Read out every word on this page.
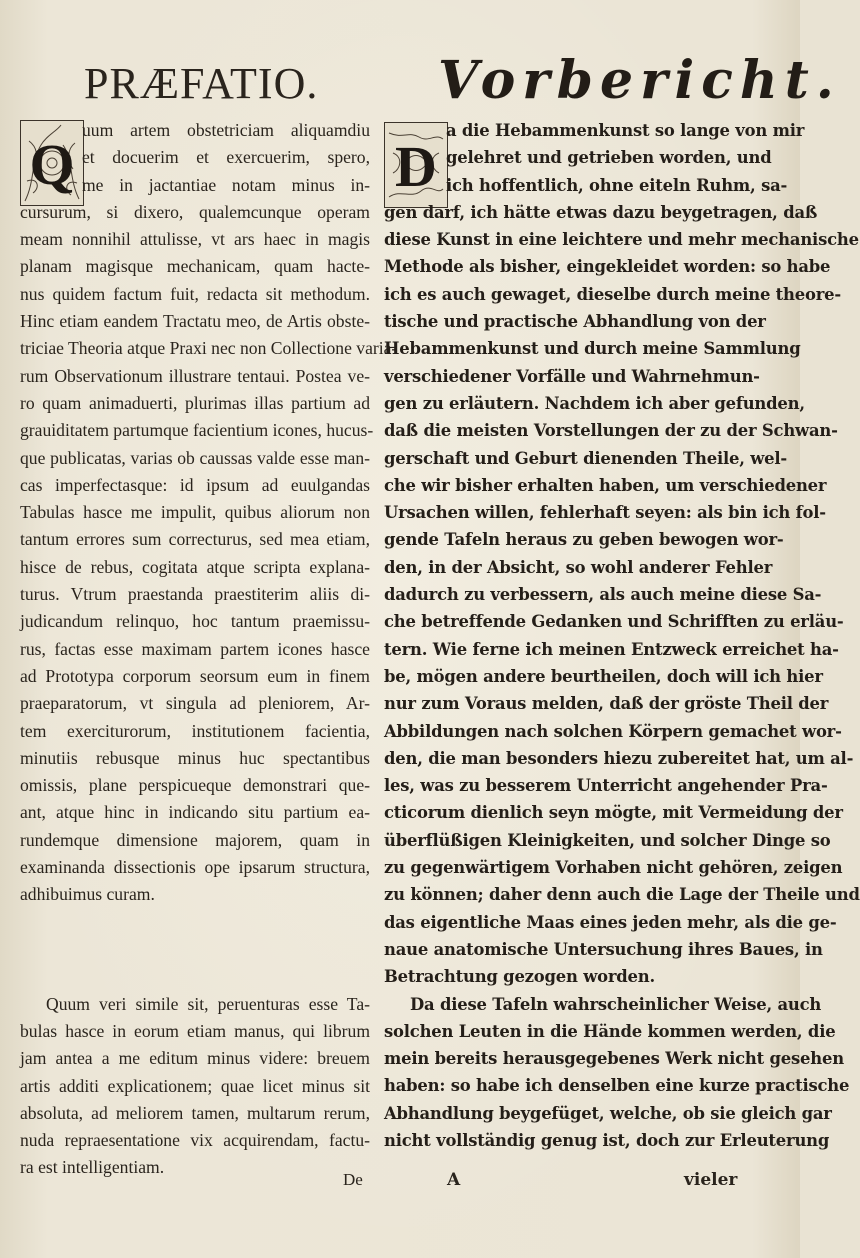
PRÆFATIO. Vorbericht.
Q	D
uum artem obstetriciam aliquamdiu
et docuerim et exercuerim, spero,
me in jactantiae notam minus in-
cursurum, si dixero, qualemcunque operam
meam nonnihil attulisse, vt ars haec in magis
planam magisque mechanicam, quam hacte-
nus quidem factum fuit, redacta sit methodum.
Hinc etiam eandem Tractatu meo, de Artis obste-
triciae Theoria atque Praxi nec non Collectione varia-
rum Observationum illustrare tentaui. Postea ve-
ro quam animaduerti, plurimas illas partium ad
grauiditatem partumque facientium icones, hucus-
que publicatas, varias ob caussas valde esse man-
cas imperfectasque: id ipsum ad euulgandas
Tabulas hasce me impulit, quibus aliorum non
tantum errores sum correcturus, sed mea etiam,
hisce de rebus, cogitata atque scripta explana-
turus. Vtrum praestanda praestiterim aliis di-
judicandum relinquo, hoc tantum praemissu-
rus, factas esse maximam partem icones hasce
ad Prototypa corporum seorsum eum in finem
praeparatorum, vt singula ad pleniorem, Ar-
tem exerciturorum, institutionem facientia,
minutiis rebusque minus huc spectantibus
omissis, plane perspicueque demonstrari que-
ant, atque hinc in indicando situ partium ea-
rundemque dimensione majorem, quam in
examinanda dissectionis ope ipsarum structura,
adhibuimus curam.
Quum veri simile sit, peruenturas esse Ta-
bulas hasce in eorum etiam manus, qui librum
jam antea a me editum minus videre: breuem
artis additi explicationem; quae licet minus sit
absoluta, ad meliorem tamen, multarum rerum,
nuda repraesentatione vix acquirendam, factu-
ra est intelligentiam.
a die Hebammenkunst so lange von mir
gelehret und getrieben worden, und
ich hoffentlich, ohne eiteln Ruhm, sa-
gen darf, ich hätte etwas dazu beygetragen, daß
diese Kunst in eine leichtere und mehr mechanische
Methode als bisher, eingekleidet worden: so habe
ich es auch gewaget, dieselbe durch meine theore-
tische und practische Abhandlung von der
Hebammenkunst und durch meine Sammlung
verschiedener Vorfälle und Wahrnehmun-
gen zu erläutern. Nachdem ich aber gefunden,
daß die meisten Vorstellungen der zu der Schwan-
gerschaft und Geburt dienenden Theile, wel-
che wir bisher erhalten haben, um verschiedener
Ursachen willen, fehlerhaft seyen: als bin ich fol-
gende Tafeln heraus zu geben bewogen wor-
den, in der Absicht, so wohl anderer Fehler
dadurch zu verbessern, als auch meine diese Sa-
che betreffende Gedanken und Schrifften zu erläu-
tern. Wie ferne ich meinen Entzweck erreichet ha-
be, mögen andere beurtheilen, doch will ich hier
nur zum Voraus melden, daß der gröste Theil der
Abbildungen nach solchen Körpern gemachet wor-
den, die man besonders hiezu zubereitet hat, um al-
les, was zu besserem Unterricht angehender Pra-
cticorum dienlich seyn mögte, mit Vermeidung der
überflüßigen Kleinigkeiten, und solcher Dinge so
zu gegenwärtigem Vorhaben nicht gehören, zeigen
zu können; daher denn auch die Lage der Theile und
das eigentliche Maas eines jeden mehr, als die ge-
naue anatomische Untersuchung ihres Baues, in
Betrachtung gezogen worden.
Da diese Tafeln wahrscheinlicher Weise, auch
solchen Leuten in die Hände kommen werden, die
mein bereits herausgegebenes Werk nicht gesehen
haben: so habe ich denselben eine kurze practische
Abhandlung beygefüget, welche, ob sie gleich gar
nicht vollständig genug ist, doch zur Erleuterung
De	A	vieler
